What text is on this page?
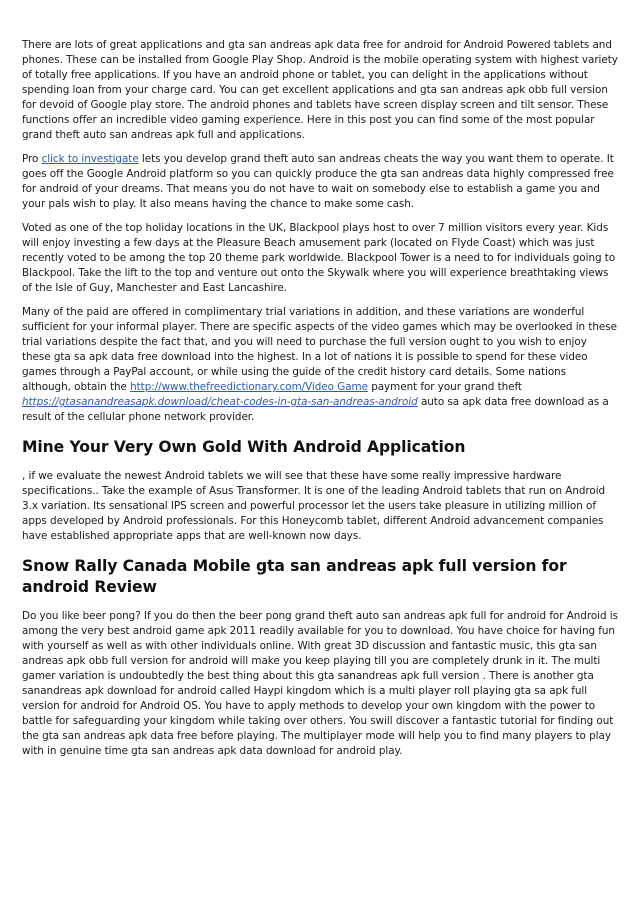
There are lots of great applications and gta san andreas apk data free for android for Android Powered tablets and phones. These can be installed from Google Play Shop. Android is the mobile operating system with highest variety of totally free applications. If you have an android phone or tablet, you can delight in the applications without spending loan from your charge card. You can get excellent applications and gta san andreas apk obb full version for devoid of Google play store. The android phones and tablets have screen display screen and tilt sensor. These functions offer an incredible video gaming experience. Here in this post you can find some of the most popular grand theft auto san andreas apk full and applications.

Pro click to investigate lets you develop grand theft auto san andreas cheats the way you want them to operate. It goes off the Google Android platform so you can quickly produce the gta san andreas data highly compressed free for android of your dreams. That means you do not have to wait on somebody else to establish a game you and your pals wish to play. It also means having the chance to make some cash.

Voted as one of the top holiday locations in the UK, Blackpool plays host to over 7 million visitors every year. Kids will enjoy investing a few days at the Pleasure Beach amusement park (located on Flyde Coast) which was just recently voted to be among the top 20 theme park worldwide. Blackpool Tower is a need to for individuals going to Blackpool. Take the lift to the top and venture out onto the Skywalk where you will experience breathtaking views of the Isle of Guy, Manchester and East Lancashire.

Many of the paid are offered in complimentary trial variations in addition, and these variations are wonderful sufficient for your informal player. There are specific aspects of the video games which may be overlooked in these trial variations despite the fact that, and you will need to purchase the full version ought to you wish to enjoy these gta sa apk data free download into the highest. In a lot of nations it is possible to spend for these video games through a PayPal account, or while using the guide of the credit history card details. Some nations although, obtain the http://www.thefreedictionary.com/Video Game payment for your grand theft https://gtasanandreasapk.download/cheat-codes-in-gta-san-andreas-android auto sa apk data free download as a result of the cellular phone network provider.

Mine Your Very Own Gold With Android Application

, if we evaluate the newest Android tablets we will see that these have some really impressive hardware specifications.. Take the example of Asus Transformer. It is one of the leading Android tablets that run on Android 3.x variation. Its sensational IPS screen and powerful processor let the users take pleasure in utilizing million of apps developed by Android professionals. For this Honeycomb tablet, different Android advancement companies have established appropriate apps that are well-known now days.

Snow Rally Canada Mobile gta san andreas apk full version for android Review

Do you like beer pong? If you do then the beer pong grand theft auto san andreas apk full for android for Android is among the very best android game apk 2011 readily available for you to download. You have choice for having fun with yourself as well as with other individuals online. With great 3D discussion and fantastic music, this gta san andreas apk obb full version for android will make you keep playing till you are completely drunk in it. The multi gamer variation is undoubtedly the best thing about this gta sanandreas apk full version . There is another gta sanandreas apk download for android called Haypi kingdom which is a multi player roll playing gta sa apk full version for android for Android OS. You have to apply methods to develop your own kingdom with the power to battle for safeguarding your kingdom while taking over others. You swill discover a fantastic tutorial for finding out the gta san andreas apk data free before playing. The multiplayer mode will help you to find many players to play with in genuine time gta san andreas apk data download for android play.
